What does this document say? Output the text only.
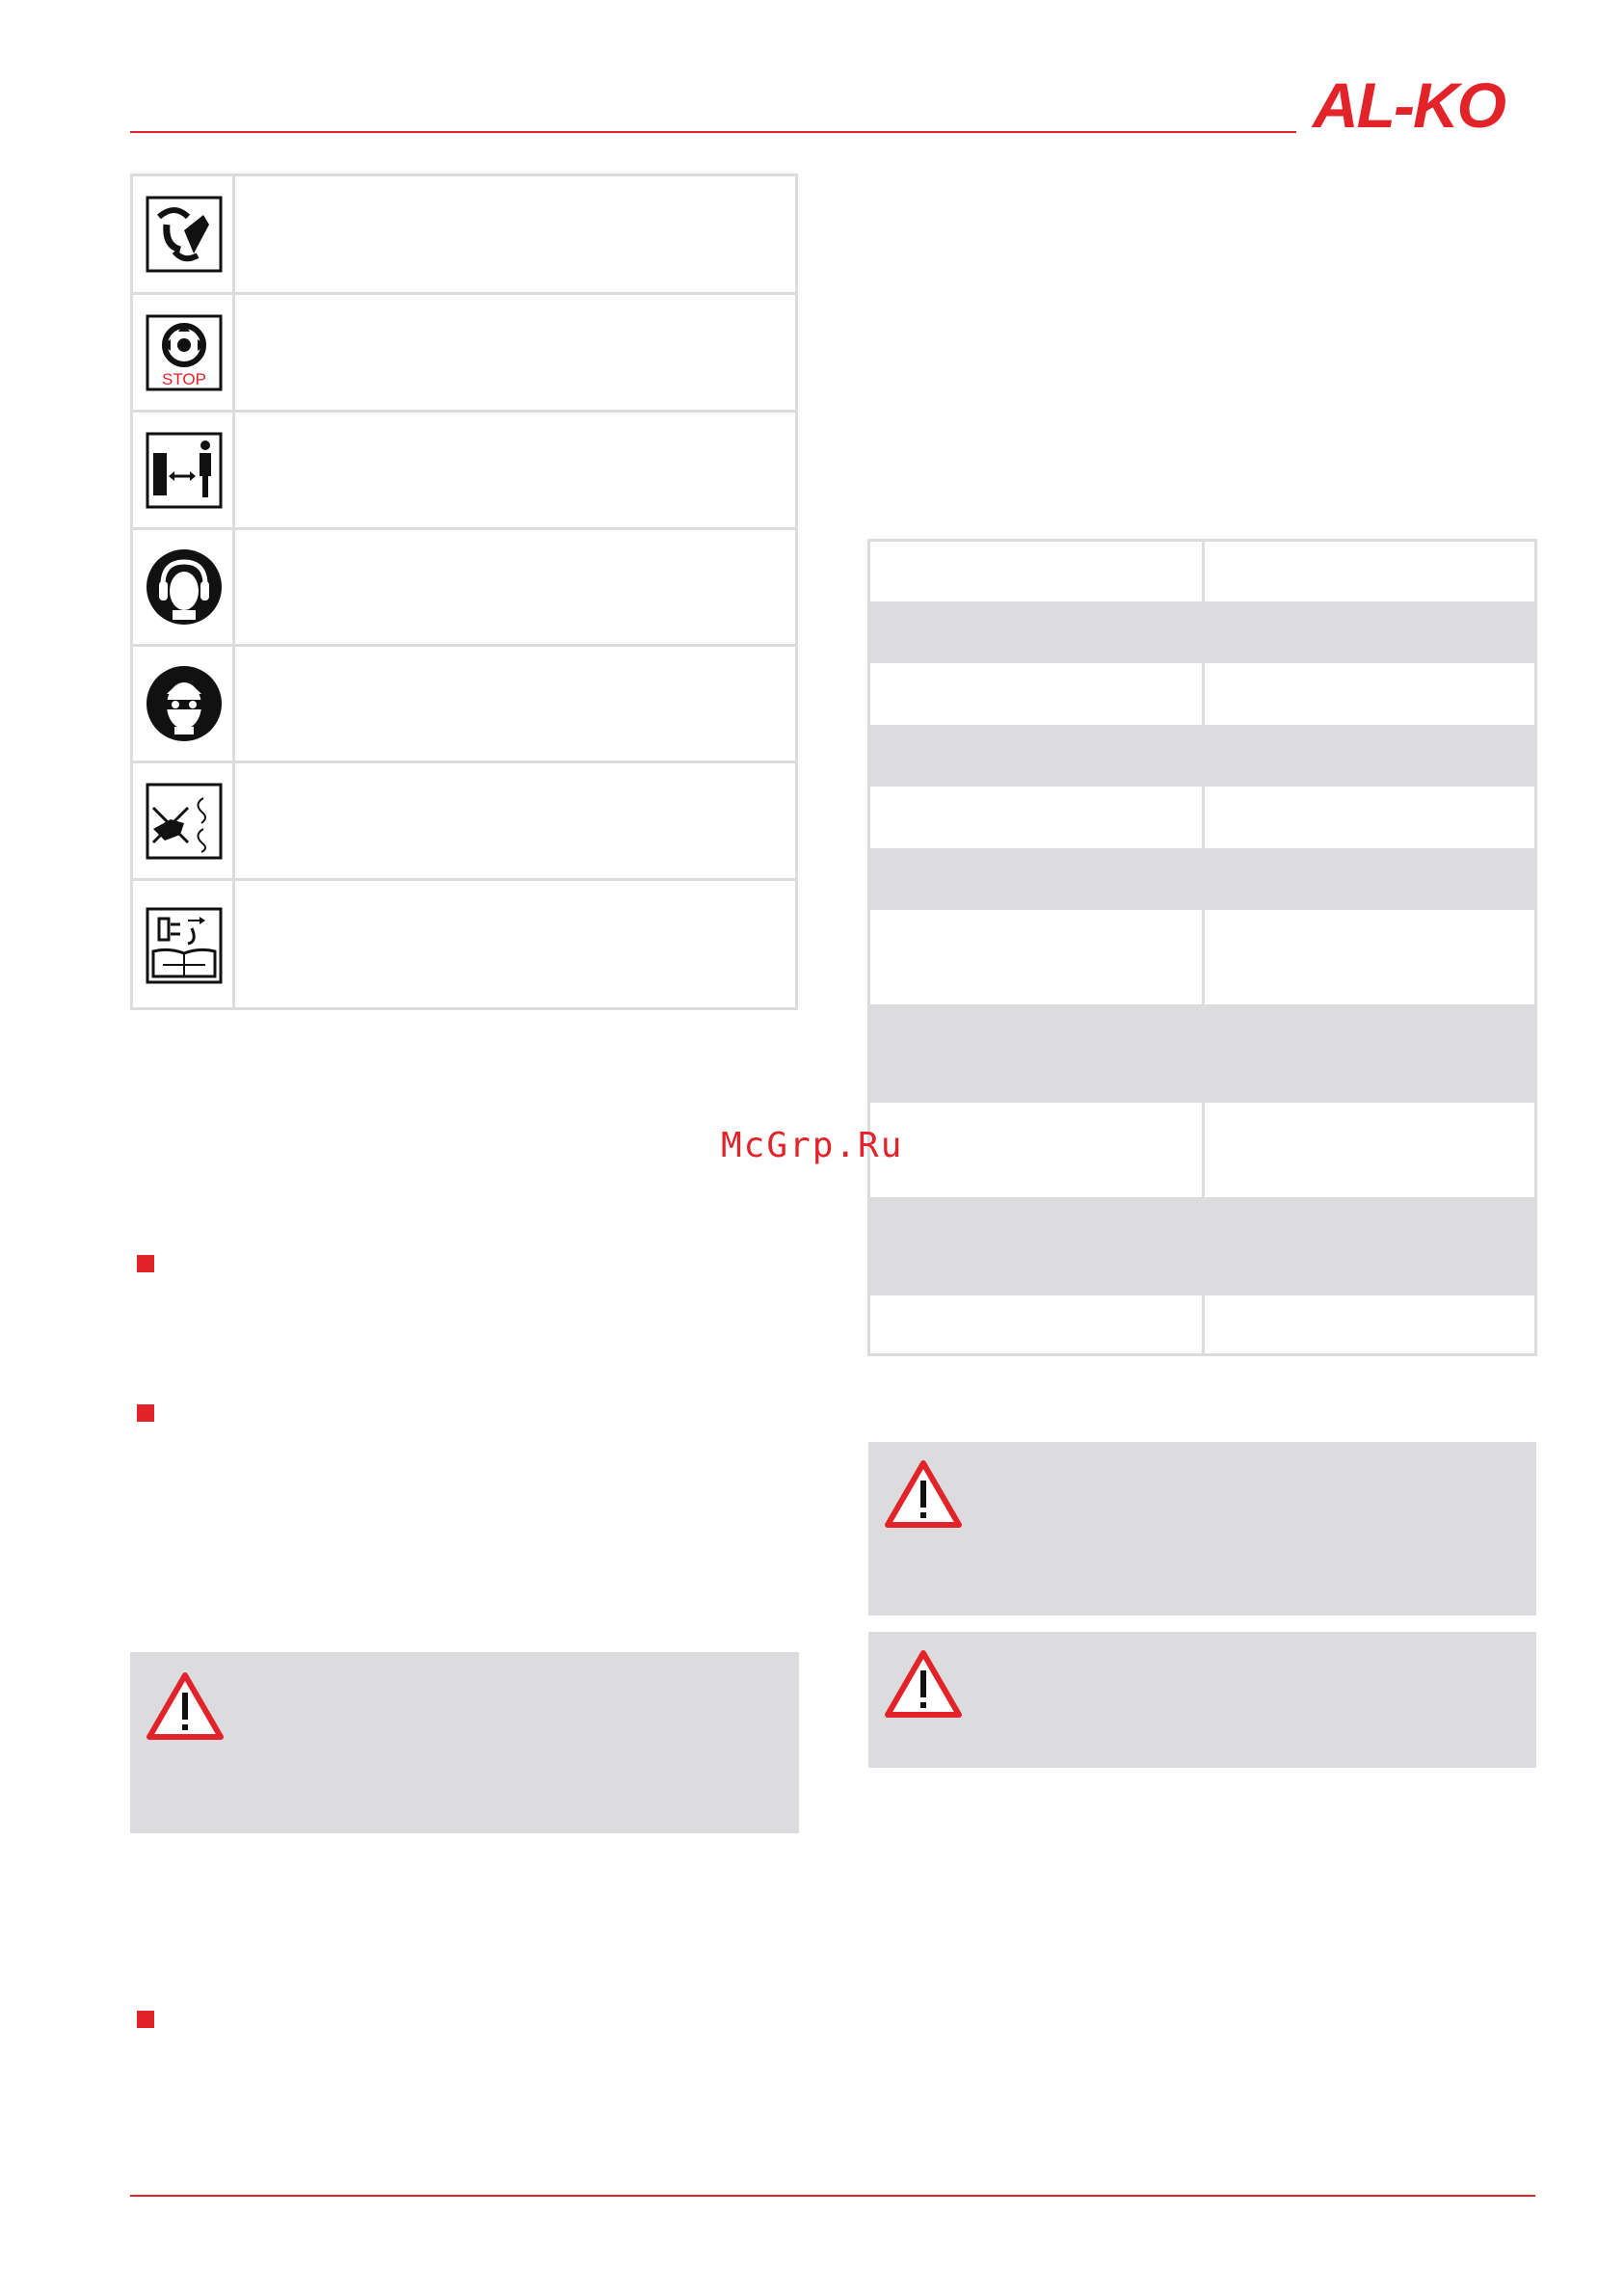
AL-KO
STOP
McGrp.Ru
